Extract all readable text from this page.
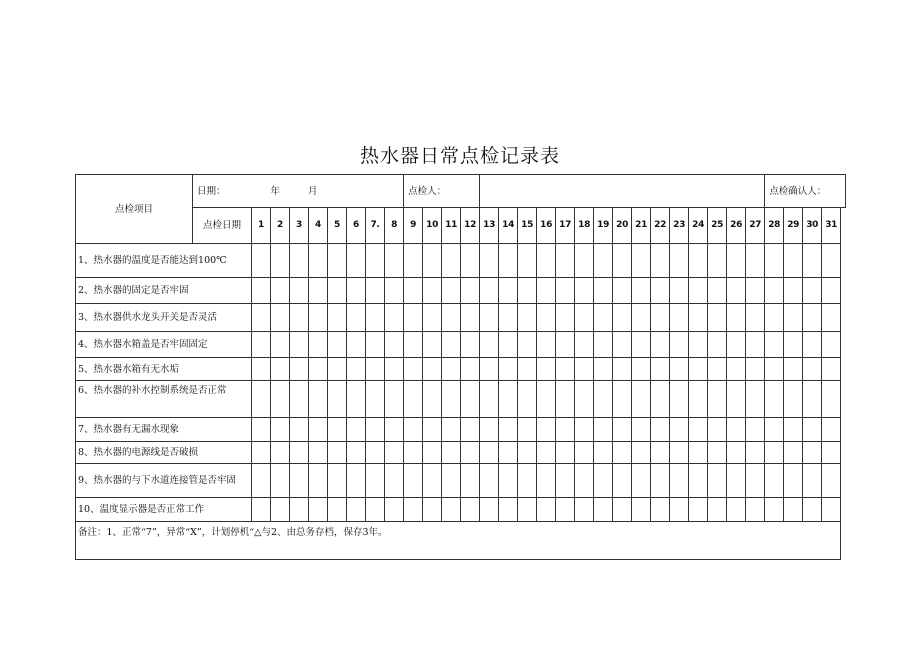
热水器日常点检记录表
点检项目	日期： 年 月									点检人：																			点检确认人：			
	点检日期	1	2	3	4	5	6	7.	8	9	10	11	12	13	14	15	16	17	18	19	20	21	22	23	24	25	26	27	28	29	30	31
1、热水器的温度是否能达到100℃																																
2、热水器的固定是否牢固																																
3、热水器供水龙头开关是否灵活																																
4、热水器水箱盖是否牢固固定																																
5、热水器水箱有无水垢																																
6、热水器的补水控制系统是否正常																																
7、热水器有无漏水现象																																
8、热水器的电源线是否破损																																
9、热水器的与下水道连接管是否牢固																																
10、温度显示器是否正常工作																																
备注：1、正常“7”，异常“X”，计划停机“△与2、由总务存档，保存3年。																																
